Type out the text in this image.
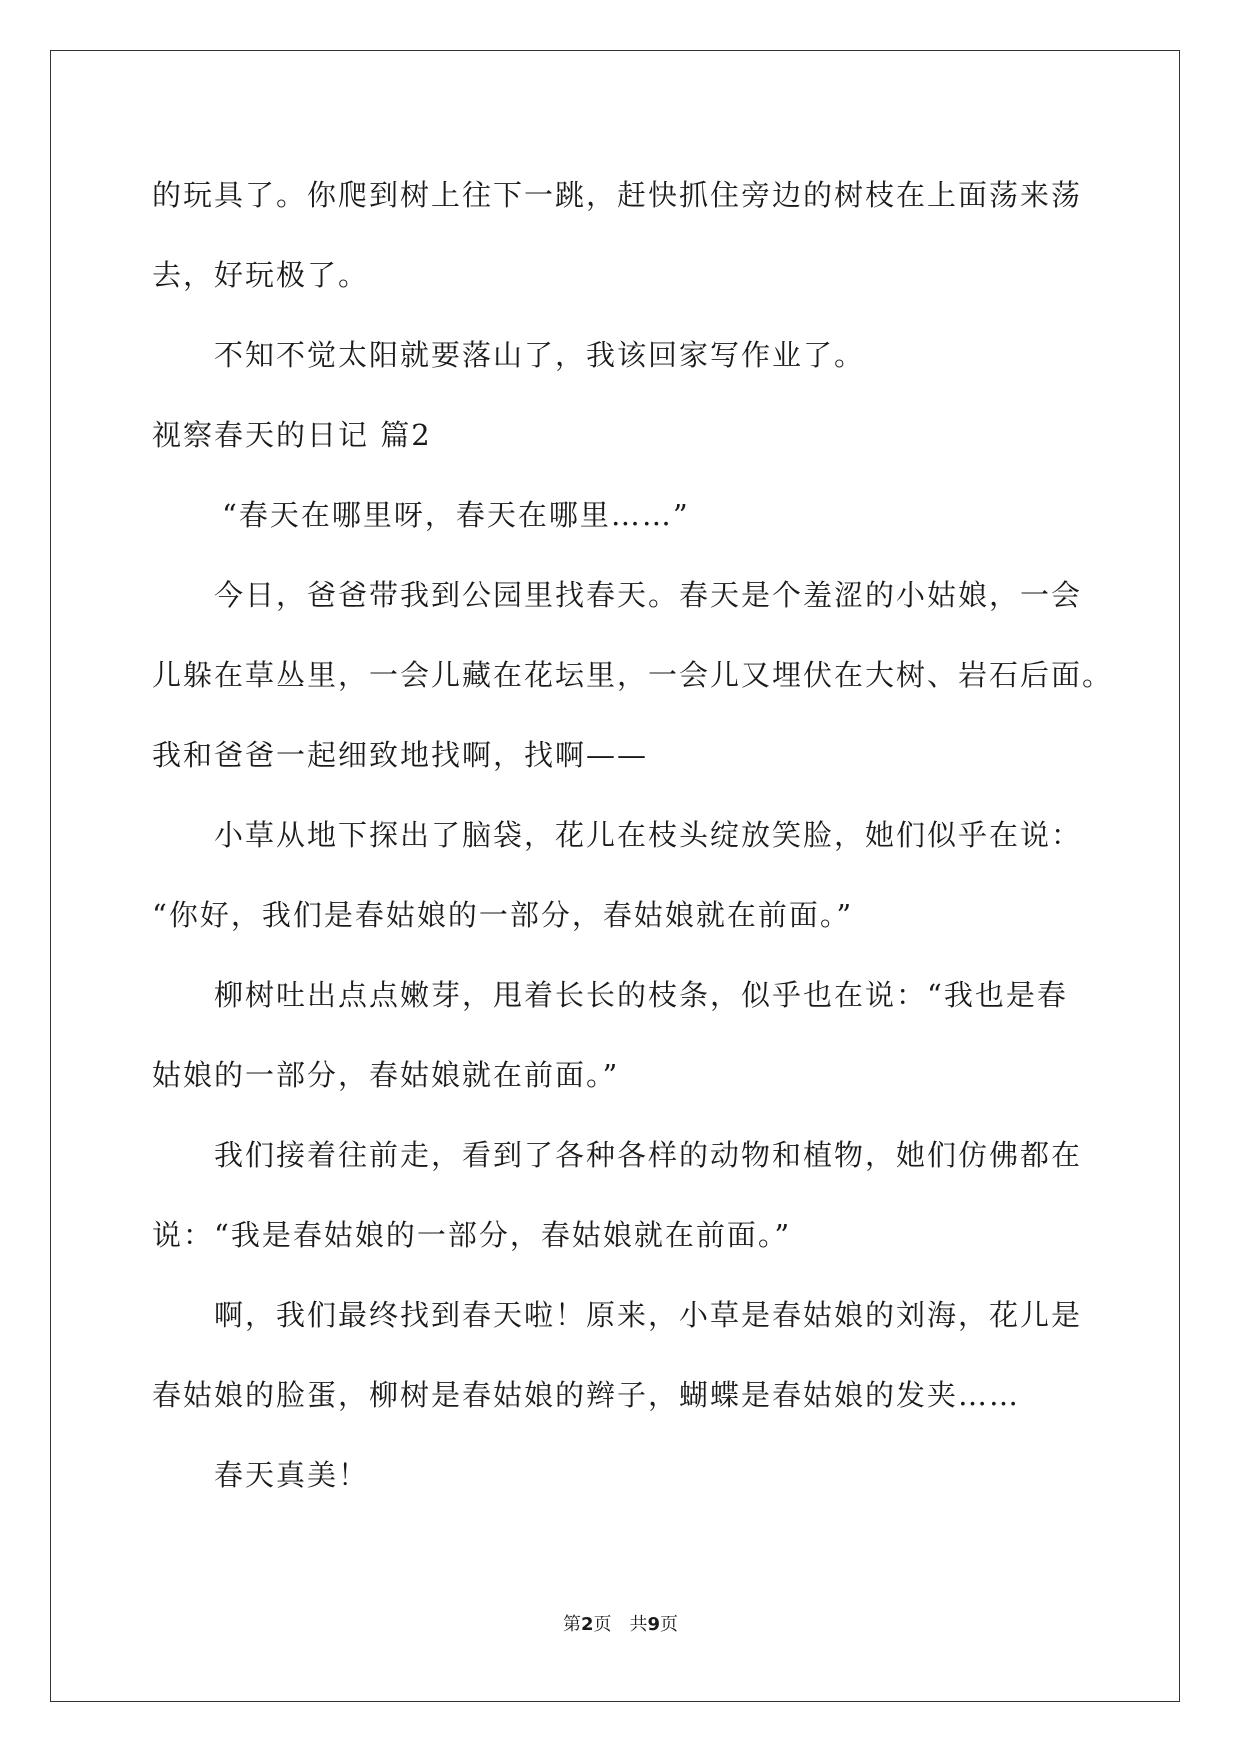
的玩具了。你爬到树上往下一跳，赶快抓住旁边的树枝在上面荡来荡
去，好玩极了。
不知不觉太阳就要落山了，我该回家写作业了。
视察春天的日记 篇2
“春天在哪里呀，春天在哪里……”
今日，爸爸带我到公园里找春天。春天是个羞涩的小姑娘，一会
儿躲在草丛里，一会儿藏在花坛里，一会儿又埋伏在大树、岩石后面。
我和爸爸一起细致地找啊，找啊——
小草从地下探出了脑袋，花儿在枝头绽放笑脸，她们似乎在说：
“你好，我们是春姑娘的一部分，春姑娘就在前面。”
柳树吐出点点嫩芽，甩着长长的枝条，似乎也在说：“我也是春
姑娘的一部分，春姑娘就在前面。”
我们接着往前走，看到了各种各样的动物和植物，她们仿佛都在
说：“我是春姑娘的一部分，春姑娘就在前面。”
啊，我们最终找到春天啦！原来，小草是春姑娘的刘海，花儿是
春姑娘的脸蛋，柳树是春姑娘的辫子，蝴蝶是春姑娘的发夹……
春天真美！
第2页 共9页
